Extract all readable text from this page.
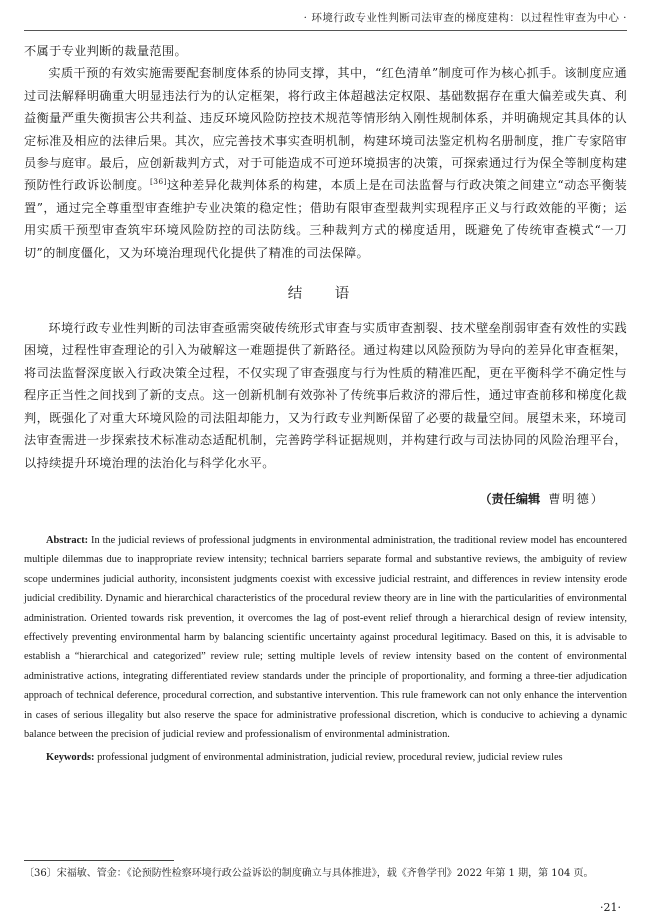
· 环境行政专业性判断司法审查的梯度建构：以过程性审查为中心 ·

不属于专业判断的裁量范围。

实质干预的有效实施需要配套制度体系的协同支撑，其中，“红色清单”制度可作为核心抓手。该制度应通过司法解释明确重大明显违法行为的认定框架，将行政主体超越法定权限、基础数据存在重大偏差或失真、利益衡量严重失衡损害公共利益、违反环境风险防控技术规范等情形纳入刚性规制体系，并明确规定其具体的认定标准及相应的法律后果。其次，应完善技术事实查明机制，构建环境司法鉴定机构名册制度，推广专家陪审员参与庭审。最后，应创新裁判方式，对于可能造成不可逆环境损害的决策，可探索通过行为保全等制度构建预防性行政诉讼制度。[36]这种差异化裁判体系的构建，本质上是在司法监督与行政决策之间建立“动态平衡装置”，通过完全尊重型审查维护专业决策的稳定性；借助有限审查型裁判实现程序正义与行政效能的平衡；运用实质干预型审查筑牢环境风险防控的司法防线。三种裁判方式的梯度适用，既避免了传统审查模式“一刀切”的制度僵化，又为环境治理现代化提供了精准的司法保障。

结 语

环境行政专业性判断的司法审查亟需突破传统形式审查与实质审查割裂、技术壁垒削弱审查有效性的实践困境，过程性审查理论的引入为破解这一难题提供了新路径。通过构建以风险预防为导向的差异化审查框架，将司法监督深度嵌入行政决策全过程，不仅实现了审查强度与行为性质的精准匹配，更在平衡科学不确定性与程序正当性之间找到了新的支点。这一创新机制有效弥补了传统事后救济的滞后性，通过审查前移和梯度化裁判，既强化了对重大环境风险的司法阻却能力，又为行政专业判断保留了必要的裁量空间。展望未来，环境司法审查需进一步探索技术标准动态适配机制，完善跨学科证据规则，并构建行政与司法协同的风险治理平台，以持续提升环境治理的法治化与科学化水平。

（责任编辑 曹明德）

Abstract: In the judicial reviews of professional judgments in environmental administration, the traditional review model has encountered multiple dilemmas due to inappropriate review intensity; technical barriers separate formal and substantive reviews, the ambiguity of review scope undermines judicial authority, inconsistent judgments coexist with excessive judicial restraint, and differences in review intensity erode judicial credibility. Dynamic and hierarchical characteristics of the procedural review theory are in line with the particularities of environmental administration. Oriented towards risk prevention, it overcomes the lag of post-event relief through a hierarchical design of review intensity, effectively preventing environmental harm by balancing scientific uncertainty against procedural legitimacy. Based on this, it is advisable to establish a “hierarchical and categorized” review rule; setting multiple levels of review intensity based on the content of environmental administrative actions, integrating differentiated review standards under the principle of proportionality, and forming a three-tier adjudication approach of technical deference, procedural correction, and substantive intervention. This rule framework can not only enhance the intervention in cases of serious illegality but also reserve the space for administrative professional discretion, which is conducive to achieving a dynamic balance between the precision of judicial review and professionalism of environmental administration.

Keywords: professional judgment of environmental administration, judicial review, procedural review, judicial review rules

〔36〕宋福敏、管金：《论预防性检察环境行政公益诉讼的制度确立与具体推进》，载《齐鲁学刊》2022 年第 1 期，第 104 页。
·21·
